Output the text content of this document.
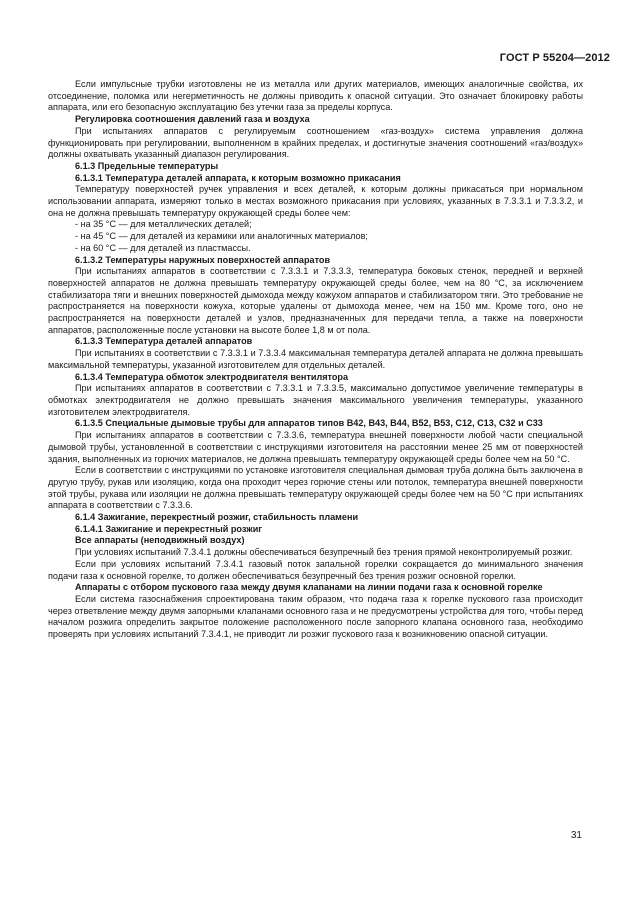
ГОСТ Р 55204—2012

Если импульсные трубки изготовлены не из металла или других материалов, имеющих аналогичные свойства, их отсоединение, поломка или негерметичность не должны приводить к опасной ситуации. Это означает блокировку работы аппарата, или его безопасную эксплуатацию без утечки газа за пределы корпуса.

Регулировка соотношения давлений газа и воздуха

При испытаниях аппаратов с регулируемым соотношением «газ-воздух» система управления должна функционировать при регулировании, выполненном в крайних пределах, и достигнутые значения соотношений «газ/воздух» должны охватывать указанный диапазон регулирования.

6.1.3 Предельные температуры

6.1.3.1 Температура деталей аппарата, к которым возможно прикасания

Температуру поверхностей ручек управления и всех деталей, к которым должны прикасаться при нормальном использовании аппарата, измеряют только в местах возможного прикасания при условиях, указанных в 7.3.3.1 и 7.3.3.2, и она не должна превышать температуру окружающей среды более чем:

- на 35 °С — для металлических деталей;

- на 45 °С — для деталей из керамики или аналогичных материалов;

- на 60 °С — для деталей из пластмассы.

6.1.3.2 Температуры наружных поверхностей аппаратов

При испытаниях аппаратов в соответствии с 7.3.3.1 и 7.3.3.3, температура боковых стенок, передней и верхней поверхностей аппаратов не должна превышать температуру окружающей среды более, чем на 80 °С, за исключением стабилизатора тяги и внешних поверхностей дымохода между кожухом аппаратов и стабилизатором тяги. Это требование не распространяется на поверхности кожуха, которые удалены от дымохода менее, чем на 150 мм. Кроме того, оно не распространяется на поверхности деталей и узлов, предназначенных для передачи тепла, а также на поверхности аппаратов, расположенные после установки на высоте более 1,8 м от пола.

6.1.3.3 Температура деталей аппаратов

При испытаниях в соответствии с 7.3.3.1 и 7.3.3.4 максимальная температура деталей аппарата не должна превышать максимальной температуры, указанной изготовителем для отдельных деталей.

6.1.3.4 Температура обмоток электродвигателя вентилятора

При испытаниях аппаратов в соответствии с 7.3.3.1 и 7.3.3.5, максимально допустимое увеличение температуры в обмотках электродвигателя не должно превышать значения максимального увеличения температуры, указанного изготовителем электродвигателя.

6.1.3.5 Специальные дымовые трубы для аппаратов типов B42, B43, B44, B52, B53, C12, C13, C32 и C33

При испытаниях аппаратов в соответствии с 7.3.3.6, температура внешней поверхности любой части специальной дымовой трубы, установленной в соответствии с инструкциями изготовителя на расстоянии менее 25 мм от поверхностей здания, выполненных из горючих материалов, не должна превышать температуру окружающей среды более чем на 50 °С.

Если в соответствии с инструкциями по установке изготовителя специальная дымовая труба должна быть заключена в другую трубу, рукав или изоляцию, когда она проходит через горючие стены или потолок, температура внешней поверхности этой трубы, рукава или изоляции не должна превышать температуру окружающей среды более чем на 50 °С при испытаниях аппарата в соответствии с 7.3.3.6.

6.1.4 Зажигание, перекрестный розжиг, стабильность пламени

6.1.4.1 Зажигание и перекрестный розжиг

Все аппараты (неподвижный воздух)

При условиях испытаний 7.3.4.1 должны обеспечиваться безупречный без трения прямой неконтролируемый розжиг.

Если при условиях испытаний 7.3.4.1 газовый поток запальной горелки сокращается до минимального значения подачи газа к основной горелке, то должен обеспечиваться безупречный без трения розжиг основной горелки.

Аппараты с отбором пускового газа между двумя клапанами на линии подачи газа к основной горелке

Если система газоснабжения спроектирована таким образом, что подача газа к горелке пускового газа происходит через ответвление между двумя запорными клапанами основного газа и не предусмотрены устройства для того, чтобы перед началом розжига определить закрытое положение расположенного после запорного клапана основного газа, необходимо проверять при условиях испытаний 7.3.4.1, не приводит ли розжиг пускового газа к возникновению опасной ситуации.

31
